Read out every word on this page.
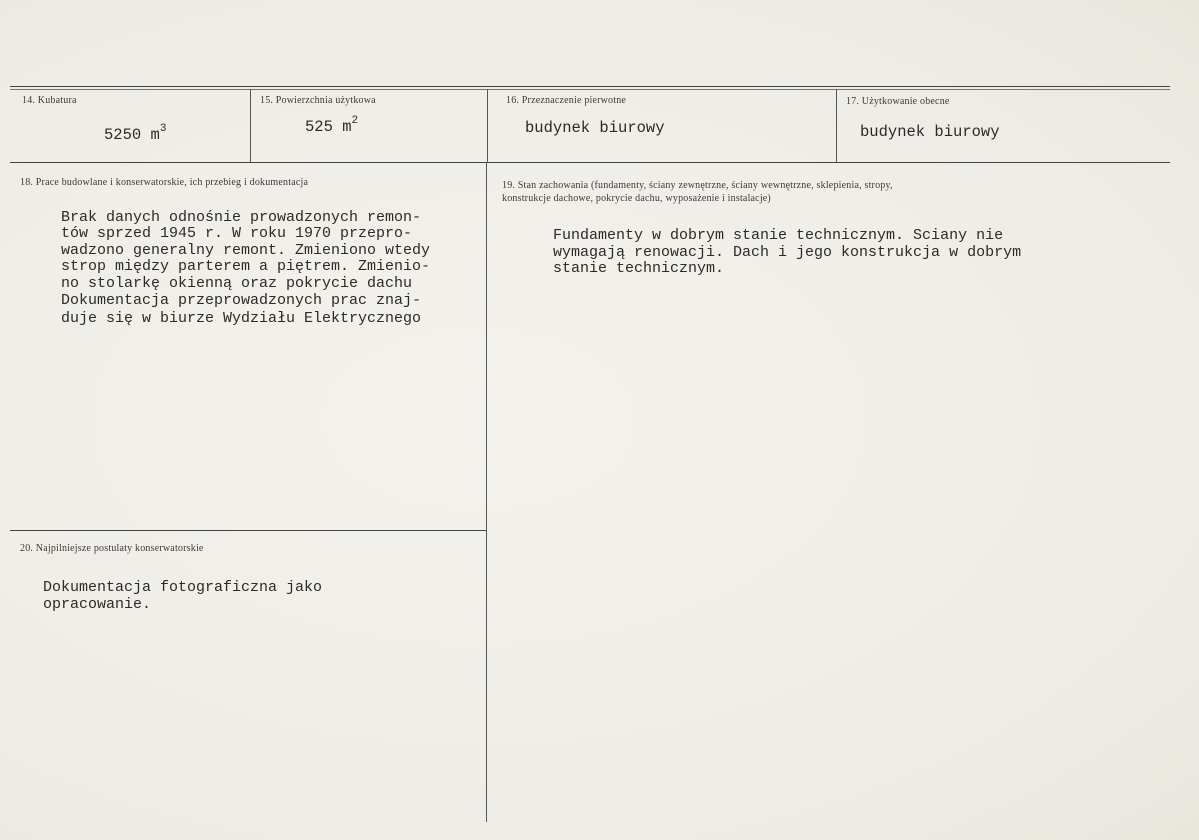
14. Kubatura
5250 $m^3$
15. Powierzchnia użytkowa
525 $m^2$
16. Przeznaczenie pierwotne
budynek biurowy
17. Użytkowanie obecne
budynek biurowy
18. Prace budowlane i konserwatorskie, ich przebieg i dokumentacja
Brak danych odnośnie prowadzonych remon-
tów sprzed 1945 r. W roku 1970 przepro-
wadzono generalny remont. Zmieniono wtedy
strop między parterem a piętrem. Zmienio-
no stolarkę okienną oraz pokrycie dachu
Dokumentacja przeprowadzonych prac znaj-
duje się w biurze Wydziału Elektrycznego
19. Stan zachowania (fundamenty, ściany zewnętrzne, ściany wewnętrzne, sklepienia, stropy,
konstrukcje dachowe, pokrycie dachu, wyposażenie i instalacje)
Fundamenty w dobrym stanie technicznym. Sciany nie
wymagają renowacji. Dach i jego konstrukcja w dobrym
stanie technicznym.
20. Najpilniejsze postulaty konserwatorskie
Dokumentacja fotograficzna jako
opracowanie.
